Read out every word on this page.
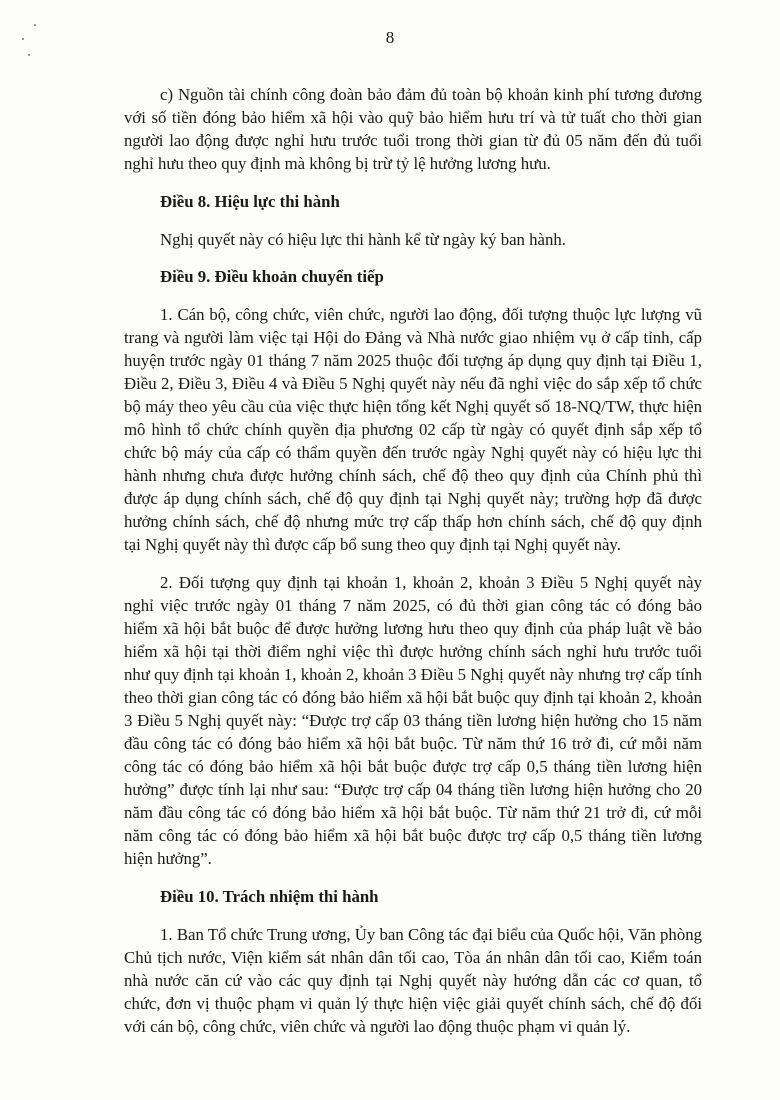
8

c) Nguồn tài chính công đoàn bảo đảm đủ toàn bộ khoản kinh phí tương đương với số tiền đóng bảo hiểm xã hội vào quỹ bảo hiểm hưu trí và tử tuất cho thời gian người lao động được nghỉ hưu trước tuổi trong thời gian từ đủ 05 năm đến đủ tuổi nghỉ hưu theo quy định mà không bị trừ tỷ lệ hưởng lương hưu.

Điều 8. Hiệu lực thi hành

Nghị quyết này có hiệu lực thi hành kể từ ngày ký ban hành.

Điều 9. Điều khoản chuyển tiếp

1. Cán bộ, công chức, viên chức, người lao động, đối tượng thuộc lực lượng vũ trang và người làm việc tại Hội do Đảng và Nhà nước giao nhiệm vụ ở cấp tỉnh, cấp huyện trước ngày 01 tháng 7 năm 2025 thuộc đối tượng áp dụng quy định tại Điều 1, Điều 2, Điều 3, Điều 4 và Điều 5 Nghị quyết này nếu đã nghỉ việc do sắp xếp tổ chức bộ máy theo yêu cầu của việc thực hiện tổng kết Nghị quyết số 18-NQ/TW, thực hiện mô hình tổ chức chính quyền địa phương 02 cấp từ ngày có quyết định sắp xếp tổ chức bộ máy của cấp có thẩm quyền đến trước ngày Nghị quyết này có hiệu lực thi hành nhưng chưa được hưởng chính sách, chế độ theo quy định của Chính phủ thì được áp dụng chính sách, chế độ quy định tại Nghị quyết này; trường hợp đã được hưởng chính sách, chế độ nhưng mức trợ cấp thấp hơn chính sách, chế độ quy định tại Nghị quyết này thì được cấp bổ sung theo quy định tại Nghị quyết này.

2. Đối tượng quy định tại khoản 1, khoản 2, khoản 3 Điều 5 Nghị quyết này nghỉ việc trước ngày 01 tháng 7 năm 2025, có đủ thời gian công tác có đóng bảo hiểm xã hội bắt buộc để được hưởng lương hưu theo quy định của pháp luật về bảo hiểm xã hội tại thời điểm nghỉ việc thì được hưởng chính sách nghỉ hưu trước tuổi như quy định tại khoản 1, khoản 2, khoản 3 Điều 5 Nghị quyết này nhưng trợ cấp tính theo thời gian công tác có đóng bảo hiểm xã hội bắt buộc quy định tại khoản 2, khoản 3 Điều 5 Nghị quyết này: “Được trợ cấp 03 tháng tiền lương hiện hưởng cho 15 năm đầu công tác có đóng bảo hiểm xã hội bắt buộc. Từ năm thứ 16 trở đi, cứ mỗi năm công tác có đóng bảo hiểm xã hội bắt buộc được trợ cấp 0,5 tháng tiền lương hiện hưởng” được tính lại như sau: “Được trợ cấp 04 tháng tiền lương hiện hưởng cho 20 năm đầu công tác có đóng bảo hiểm xã hội bắt buộc. Từ năm thứ 21 trở đi, cứ mỗi năm công tác có đóng bảo hiểm xã hội bắt buộc được trợ cấp 0,5 tháng tiền lương hiện hưởng”.

Điều 10. Trách nhiệm thi hành

1. Ban Tổ chức Trung ương, Ủy ban Công tác đại biểu của Quốc hội, Văn phòng Chủ tịch nước, Viện kiểm sát nhân dân tối cao, Tòa án nhân dân tối cao, Kiểm toán nhà nước căn cứ vào các quy định tại Nghị quyết này hướng dẫn các cơ quan, tổ chức, đơn vị thuộc phạm vi quản lý thực hiện việc giải quyết chính sách, chế độ đối với cán bộ, công chức, viên chức và người lao động thuộc phạm vi quản lý.
